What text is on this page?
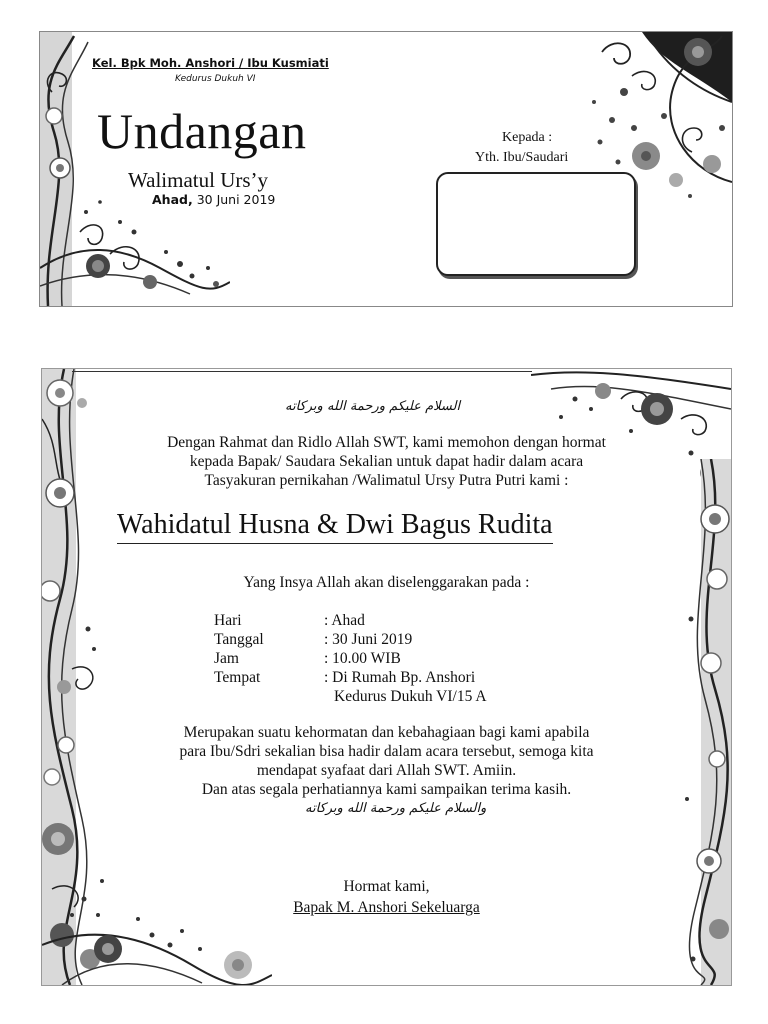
Kel. Bpk Moh. Anshori / Ibu Kusmiati

Kedurus Dukuh VI

Undangan

Walimatul Urs’y

Ahad, 30 Juni 2019

Kepada :

Yth. Ibu/Saudari

السلام عليكم ورحمة الله وبركاته

Dengan Rahmat dan Ridlo Allah SWT, kami memohon dengan hormat
kepada Bapak/ Saudara Sekalian untuk dapat hadir dalam acara
Tasyakuran pernikahan /Walimatul Ursy Putra Putri kami :

Wahidatul Husna & Dwi Bagus Rudita

Yang Insya Allah akan diselenggarakan pada :

Hari	: Ahad
Tanggal	: 30 Juni 2019
Jam	: 10.00 WIB
Tempat	: Di Rumah Bp. Anshori
Kedurus Dukuh VI/15 A

Merupakan suatu kehormatan dan kebahagiaan bagi kami apabila
para Ibu/Sdri sekalian bisa hadir dalam acara tersebut, semoga kita
mendapat syafaat dari Allah SWT. Amiin.
Dan atas segala perhatiannya kami sampaikan terima kasih.

والسلام عليكم ورحمة الله وبركاته

Hormat kami,

Bapak M. Anshori Sekeluarga
